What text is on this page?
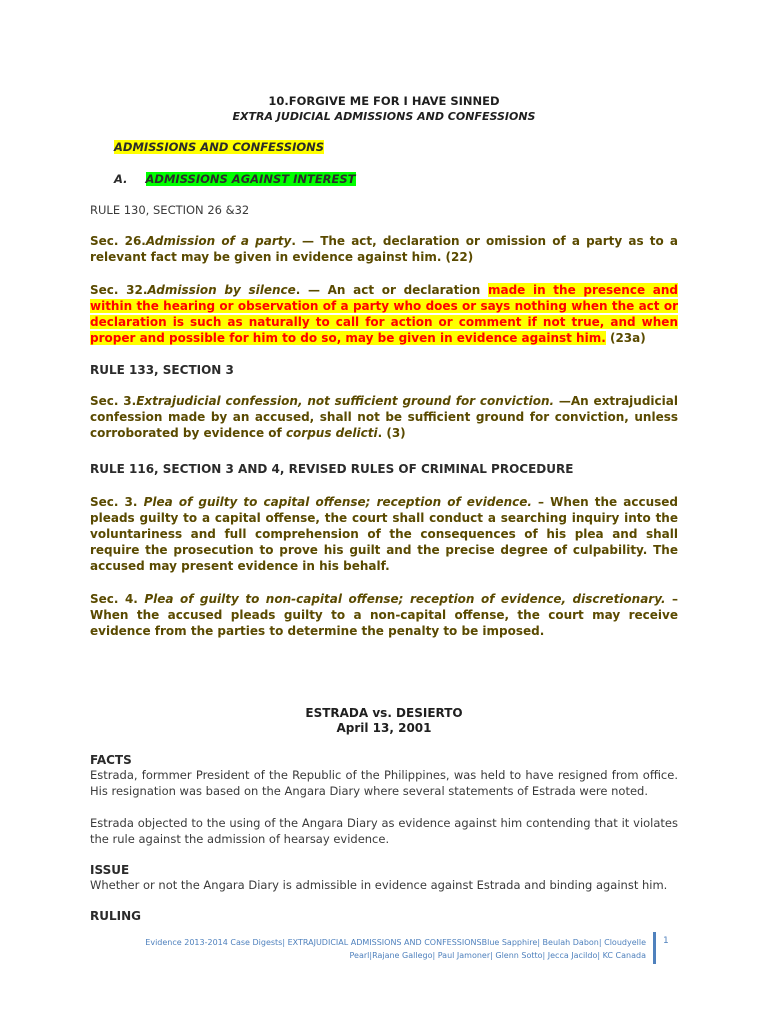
10.FORGIVE ME FOR I HAVE SINNED
EXTRA JUDICIAL ADMISSIONS AND CONFESSIONS
ADMISSIONS AND CONFESSIONS
A. ADMISSIONS AGAINST INTEREST
RULE 130, SECTION 26 &32
Sec. 26.Admission of a party. — The act, declaration or omission of a party as to a relevant fact may be given in evidence against him. (22)
Sec. 32.Admission by silence. — An act or declaration made in the presence and within the hearing or observation of a party who does or says nothing when the act or declaration is such as naturally to call for action or comment if not true, and when proper and possible for him to do so, may be given in evidence against him. (23a)
RULE 133, SECTION 3
Sec. 3.Extrajudicial confession, not sufficient ground for conviction. —An extrajudicial confession made by an accused, shall not be sufficient ground for conviction, unless corroborated by evidence of corpus delicti. (3)
RULE 116, SECTION 3 AND 4, REVISED RULES OF CRIMINAL PROCEDURE
Sec. 3. Plea of guilty to capital offense; reception of evidence. – When the accused pleads guilty to a capital offense, the court shall conduct a searching inquiry into the voluntariness and full comprehension of the consequences of his plea and shall require the prosecution to prove his guilt and the precise degree of culpability. The accused may present evidence in his behalf.
Sec. 4. Plea of guilty to non-capital offense; reception of evidence, discretionary. – When the accused pleads guilty to a non-capital offense, the court may receive evidence from the parties to determine the penalty to be imposed.
ESTRADA vs. DESIERTO
April 13, 2001
FACTS
Estrada, formmer President of the Republic of the Philippines, was held to have resigned from office. His resignation was based on the Angara Diary where several statements of Estrada were noted.
Estrada objected to the using of the Angara Diary as evidence against him contending that it violates the rule against the admission of hearsay evidence.
ISSUE
Whether or not the Angara Diary is admissible in evidence against Estrada and binding against him.
RULING
Evidence 2013-2014 Case Digests| EXTRAJUDICIAL ADMISSIONS AND CONFESSIONSBlue Sapphire| Beulah Dabon| Cloudyelle
Pearl|Rajane Gallego| Paul Jamoner| Glenn Sotto| Jecca Jacildo| KC Canada
1
